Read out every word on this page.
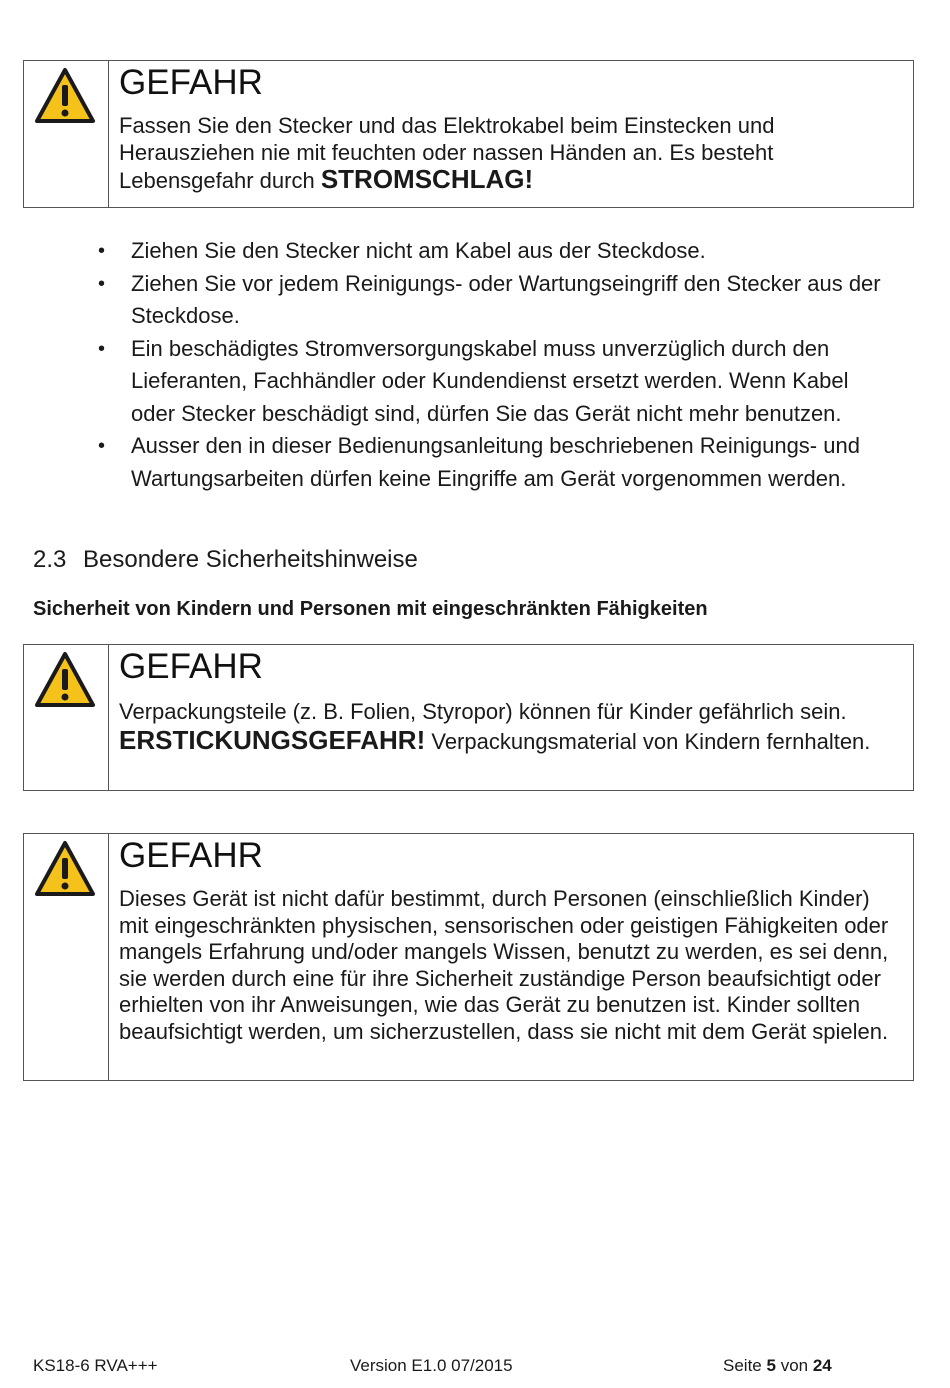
GEFAHR
Fassen Sie den Stecker und das Elektrokabel beim Einstecken und Herausziehen nie mit feuchten oder nassen Händen an. Es besteht Lebensgefahr durch STROMSCHLAG!
• Ziehen Sie den Stecker nicht am Kabel aus der Steckdose.
• Ziehen Sie vor jedem Reinigungs- oder Wartungseingriff den Stecker aus der Steckdose.
• Ein beschädigtes Stromversorgungskabel muss unverzüglich durch den Lieferanten, Fachhändler oder Kundendienst ersetzt werden. Wenn Kabel oder Stecker beschädigt sind, dürfen Sie das Gerät nicht mehr benutzen.
• Ausser den in dieser Bedienungsanleitung beschriebenen Reinigungs- und Wartungsarbeiten dürfen keine Eingriffe am Gerät vorgenommen werden.
2.3 Besondere Sicherheitshinweise
Sicherheit von Kindern und Personen mit eingeschränkten Fähigkeiten
GEFAHR
Verpackungsteile (z. B. Folien, Styropor) können für Kinder gefährlich sein. ERSTICKUNGSGEFAHR! Verpackungsmaterial von Kindern fernhalten.
GEFAHR
Dieses Gerät ist nicht dafür bestimmt, durch Personen (einschließlich Kinder) mit eingeschränkten physischen, sensorischen oder geistigen Fähigkeiten oder mangels Erfahrung und/oder mangels Wissen, benutzt zu werden, es sei denn, sie werden durch eine für ihre Sicherheit zuständige Person beaufsichtigt oder erhielten von ihr Anweisungen, wie das Gerät zu benutzen ist. Kinder sollten beaufsichtigt werden, um sicherzustellen, dass sie nicht mit dem Gerät spielen.
KS18-6 RVA+++	Version E1.0 07/2015	Seite 5 von 24
